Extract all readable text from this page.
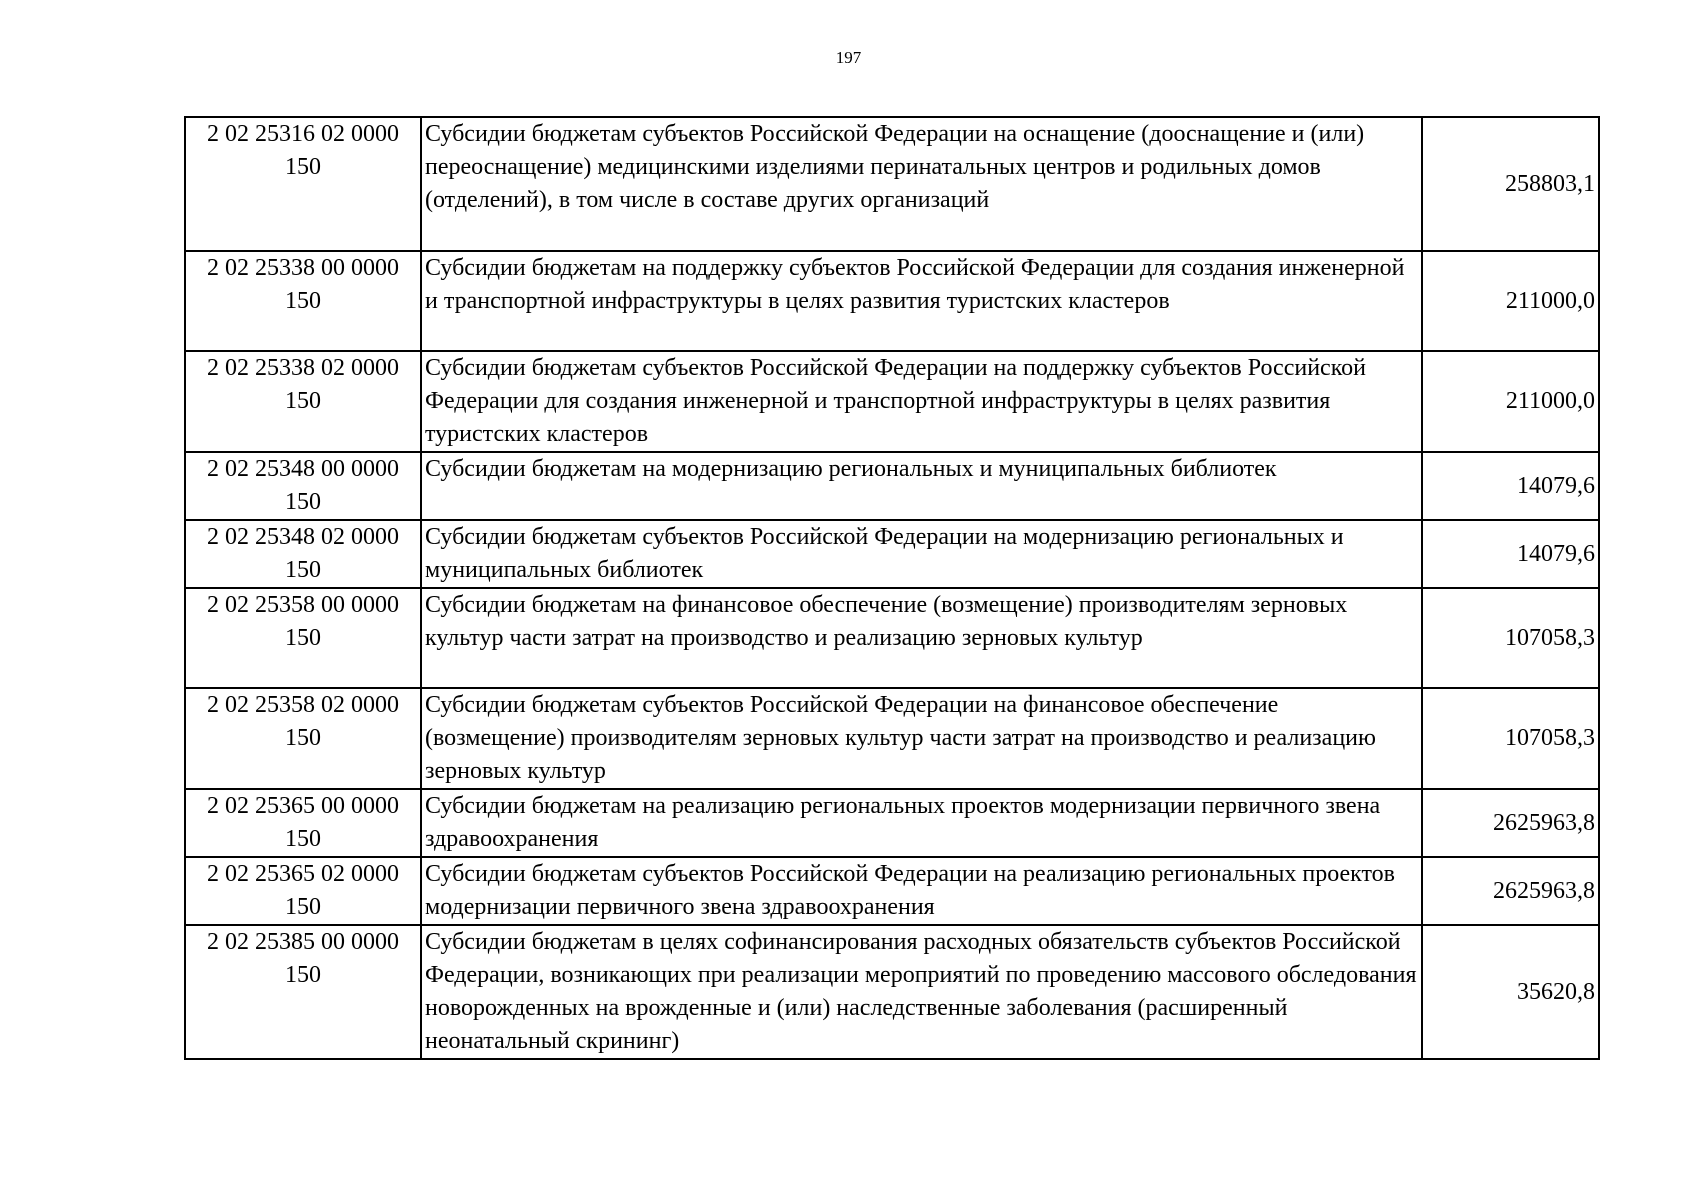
197
2 02 25316 02 0000
150	Субсидии бюджетам субъектов Российской Федерации на оснащение (дооснащение и (или) переоснащение) медицинскими изделиями перинатальных центров и родильных домов (отделений), в том числе в составе других организаций	258803,1

2 02 25338 00 0000
150	Субсидии бюджетам на поддержку субъектов Российской Федерации для создания инженерной и транспортной инфраструктуры в целях развития туристских кластеров	211000,0

2 02 25338 02 0000
150	Субсидии бюджетам субъектов Российской Федерации на поддержку субъектов Российской Федерации для создания инженерной и транспортной инфраструктуры в целях развития туристских кластеров	211000,0

2 02 25348 00 0000
150	Субсидии бюджетам на модернизацию региональных и муниципальных библиотек	14079,6

2 02 25348 02 0000
150	Субсидии бюджетам субъектов Российской Федерации на модернизацию региональных и муниципальных библиотек	14079,6

2 02 25358 00 0000
150	Субсидии бюджетам на финансовое обеспечение (возмещение) производителям зерновых культур части затрат на производство и реализацию зерновых культур	107058,3

2 02 25358 02 0000
150	Субсидии бюджетам субъектов Российской Федерации на финансовое обеспечение (возмещение) производителям зерновых культур части затрат на производство и реализацию зерновых культур	107058,3

2 02 25365 00 0000
150	Субсидии бюджетам на реализацию региональных проектов модернизации первичного звена здравоохранения	2625963,8

2 02 25365 02 0000
150	Субсидии бюджетам субъектов Российской Федерации на реализацию региональных проектов модернизации первичного звена здравоохранения	2625963,8

2 02 25385 00 0000
150	Субсидии бюджетам в целях софинансирования расходных обязательств субъектов Российской Федерации, возникающих при реализации мероприятий по проведению массового обследования новорожденных на врожденные и (или) наследственные заболевания (расширенный неонатальный скрининг)	35620,8
